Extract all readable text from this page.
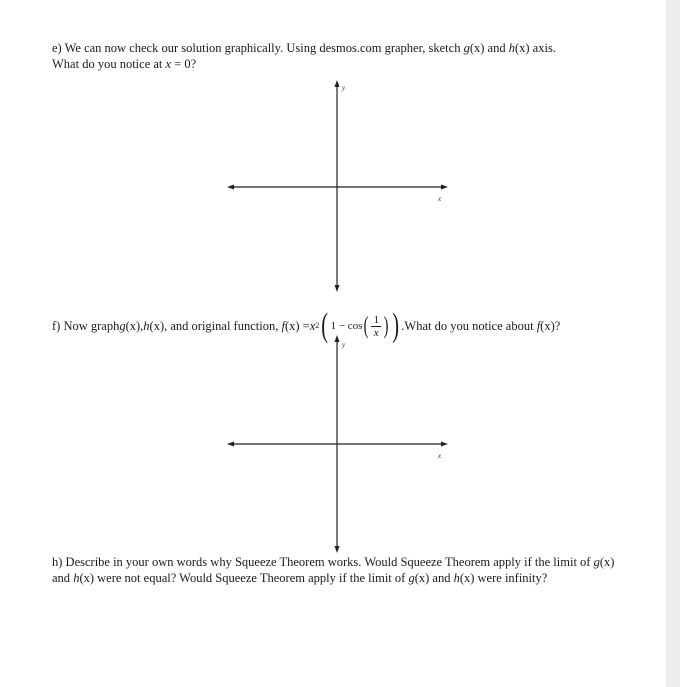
e) We can now check our solution graphically. Using desmos.com grapher, sketch g(x) and h(x) axis.
What do you notice at x = 0?
y
x
f) Now graph g (x) , h (x) , and original function,
f (x) = x 2 ( 1 − cos ( $\frac{1}{x}$ ) ) . What do you notice about
f (x)?
y
x
h) Describe in your own words why Squeeze Theorem works. Would Squeeze Theorem apply if the limit of g(x) and h(x) were not equal? Would Squeeze Theorem apply if the limit of g(x) and h(x) were infinity?
